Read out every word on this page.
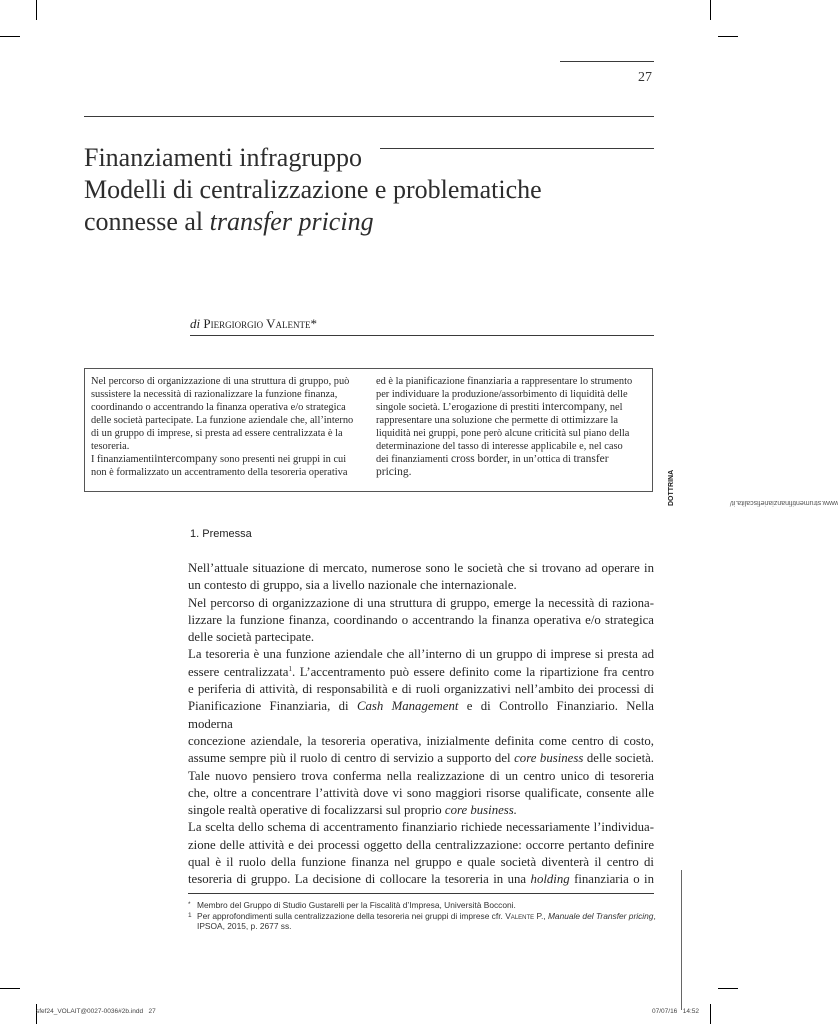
27
Finanziamenti infragruppo
Modelli di centralizzazione e problematiche
connesse al transfer pricing
di Piergiorgio Valente*
www.strumentifinanziariefiscalita.it/
DOTTRINA
Nel percorso di organizzazione di una struttura di gruppo, può
sussistere la necessità di razionalizzare la funzione finanza,
coordinando o accentrando la finanza operativa e/o strategica
delle società partecipate. La funzione aziendale che, all’interno
di un gruppo di imprese, si presta ad essere centralizzata è la
tesoreria.
I finanziamentiintercompany sono presenti nei gruppi in cui
non è formalizzato un accentramento della tesoreria operativa
ed è la pianificazione finanziaria a rappresentare lo strumento
per individuare la produzione/assorbimento di liquidità delle
singole società. L’erogazione di prestiti intercompany, nel
rappresentare una soluzione che permette di ottimizzare la
liquidità nei gruppi, pone però alcune criticità sul piano della
determinazione del tasso di interesse applicabile e, nel caso
dei finanziamenti cross border, in un’ottica di transfer
pricing.
1. Premessa
Nell’attuale situazione di mercato, numerose sono le società che si trovano ad operare in
un contesto di gruppo, sia a livello nazionale che internazionale.
Nel percorso di organizzazione di una struttura di gruppo, emerge la necessità di raziona-
lizzare la funzione finanza, coordinando o accentrando la finanza operativa e/o strategica
delle società partecipate.
La tesoreria è una funzione aziendale che all’interno di un gruppo di imprese si presta ad
essere centralizzata$^1$. L’accentramento può essere definito come la ripartizione fra centro
e periferia di attività, di responsabilità e di ruoli organizzativi nell’ambito dei processi di
Pianificazione Finanziaria, di Cash Management e di Controllo Finanziario. Nella moderna
concezione aziendale, la tesoreria operativa, inizialmente definita come centro di costo,
assume sempre più il ruolo di centro di servizio a supporto del core business delle società.
Tale nuovo pensiero trova conferma nella realizzazione di un centro unico di tesoreria
che, oltre a concentrare l’attività dove vi sono maggiori risorse qualificate, consente alle
singole realtà operative di focalizzarsi sul proprio core business.
La scelta dello schema di accentramento finanziario richiede necessariamente l’individua-
zione delle attività e dei processi oggetto della centralizzazione: occorre pertanto definire
qual è il ruolo della funzione finanza nel gruppo e quale società diventerà il centro di
tesoreria di gruppo. La decisione di collocare la tesoreria in una holding finanziaria o in
* Membro del Gruppo di Studio Gustarelli per la Fiscalità d’Impresa, Università Bocconi.
1 Per approfondimenti sulla centralizzazione della tesoreria nei gruppi di imprese cfr. Valente P., Manuale del Transfer pricing,
IPSOA, 2015, p. 2677 ss.
sfef24_VOLAIT@0027-0036#2b.indd   27	07/07/16   14:52
